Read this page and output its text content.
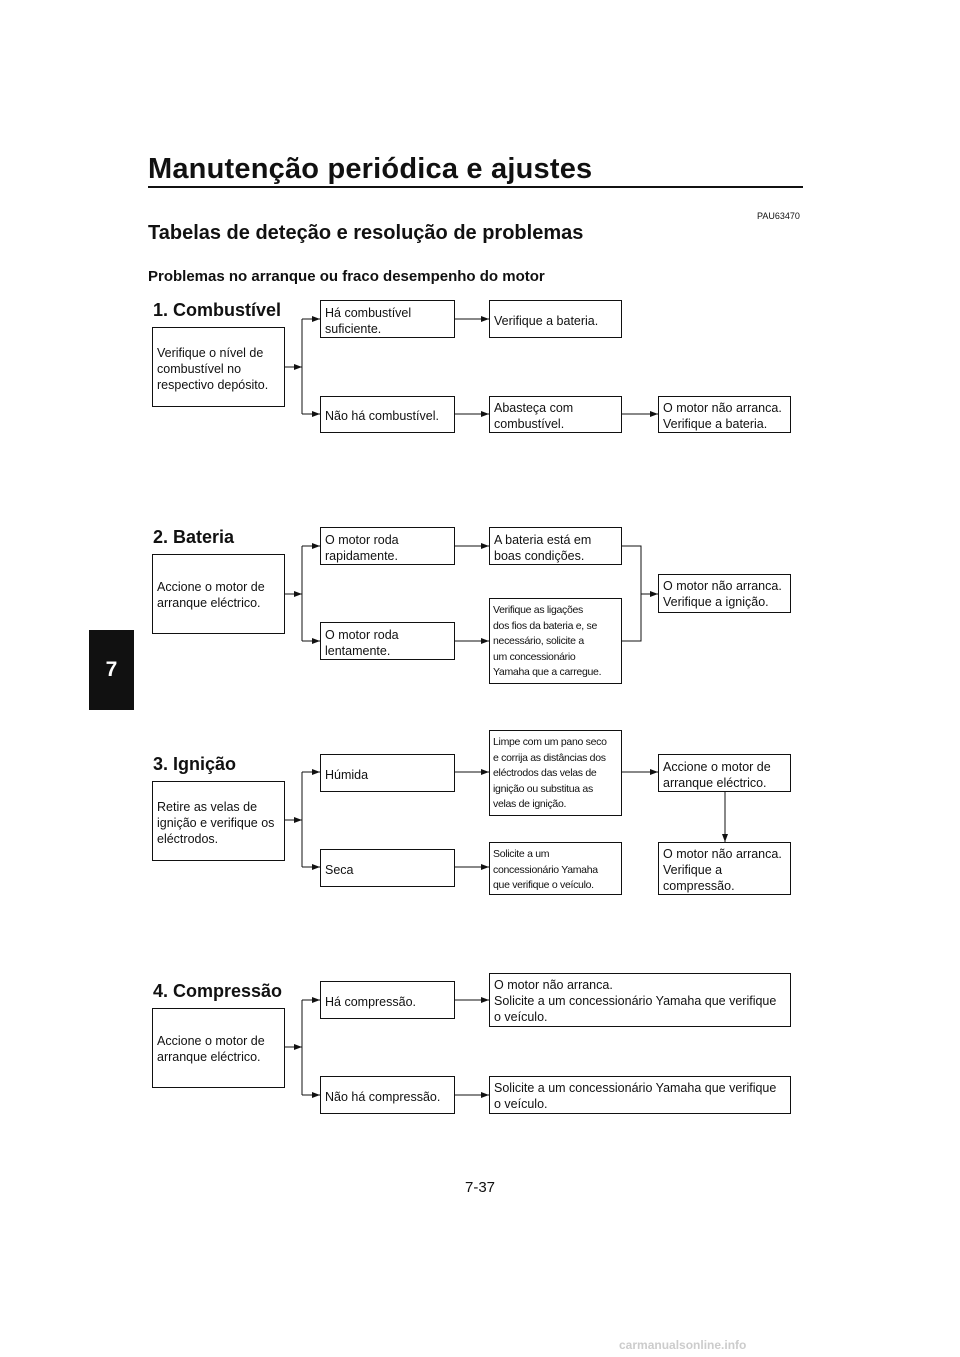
Manutenção periódica e ajustes
PAU63470
Tabelas de deteção e resolução de problemas
Problemas no arranque ou fraco desempenho do motor
7
1. Combustível
Verifique o nível de
combustível no
respectivo depósito.
Há combustível
suficiente.
Verifique a bateria.
Não há combustível.
Abasteça com
combustível.
O motor não arranca.
Verifique a bateria.
2. Bateria
Accione o motor de
arranque eléctrico.
O motor roda
rapidamente.
A bateria está em
boas condições.
O motor roda
lentamente.
Verifique as ligações
dos fios da bateria e, se
necessário, solicite a
um concessionário
Yamaha que a carregue.
O motor não arranca.
Verifique a ignição.
3. Ignição
Retire as velas de
ignição e verifique os
eléctrodos.
Húmida
Limpe com um pano seco
e corrija as distâncias dos
eléctrodos das velas de
ignição ou substitua as
velas de ignição.
Accione o motor de
arranque eléctrico.
Seca
Solicite a um
concessionário Yamaha
que verifique o veículo.
O motor não arranca.
Verifique a
compressão.
4. Compressão
Accione o motor de
arranque eléctrico.
Há compressão.
O motor não arranca.
Solicite a um concessionário Yamaha que verifique
o veículo.
Não há compressão.
Solicite a um concessionário Yamaha que verifique
o veículo.
7-37
carmanualsonline.info
